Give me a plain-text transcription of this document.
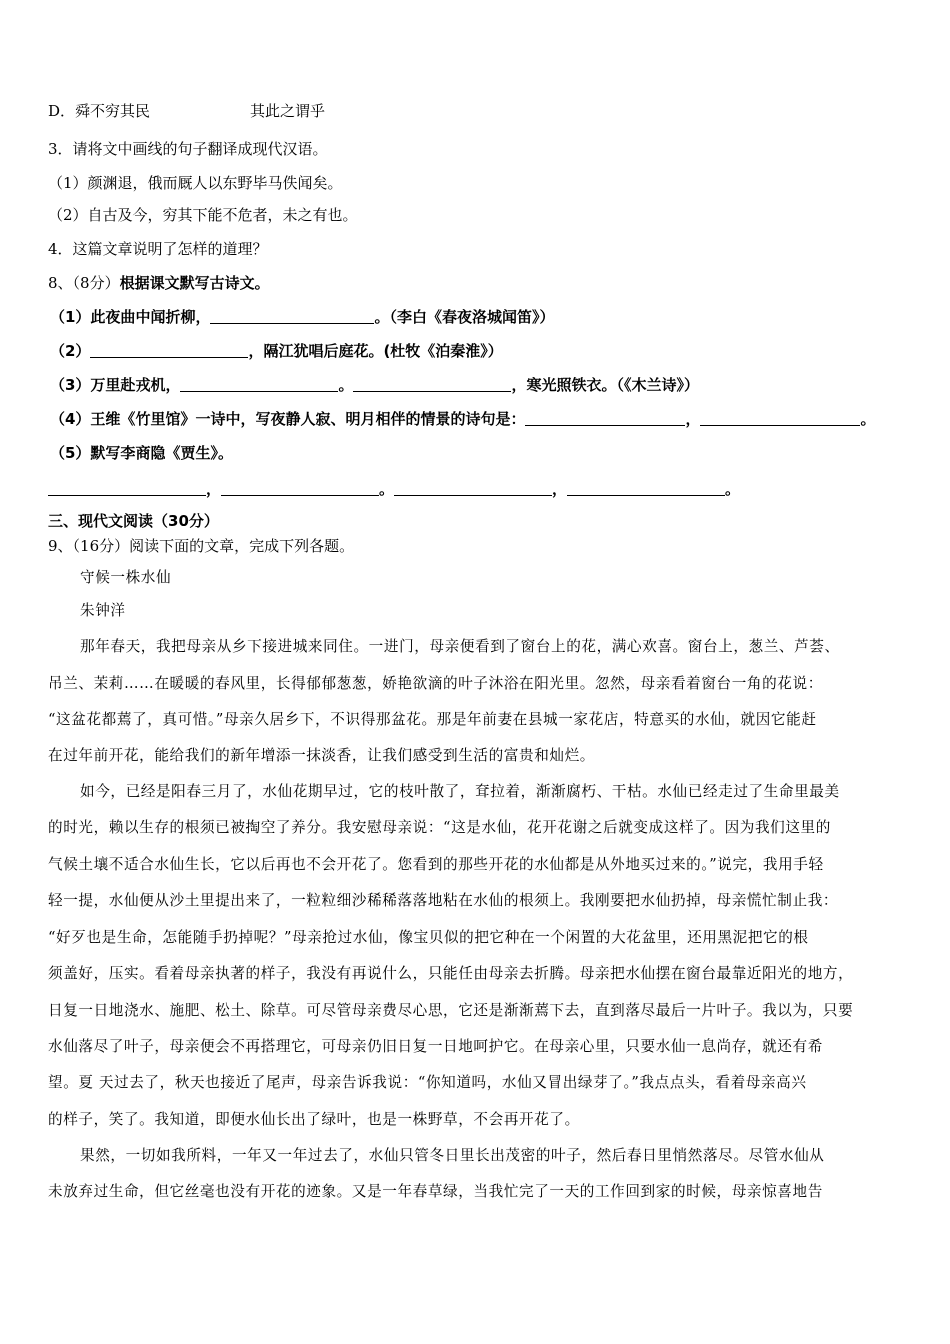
D．舜不穷其民	其此之谓乎
3．请将文中画线的句子翻译成现代汉语。
（1）颜渊退，俄而厩人以东野毕马佚闻矣。
（2）自古及今，穷其下能不危者，未之有也。
4．这篇文章说明了怎样的道理？
8、（8分）根据课文默写古诗文。
（1）此夜曲中闻折柳，	。（李白《春夜洛城闻笛》）
（2）	，隔江犹唱后庭花。(杜牧《泊秦淮》）
（3）万里赴戎机，	。	，寒光照铁衣。（《木兰诗》）
（4）王维《竹里馆》一诗中，写夜静人寂、明月相伴的情景的诗句是：	，	。
（5）默写李商隐《贾生》。
，	。	，	。
三、现代文阅读（30分）
9、（16分）阅读下面的文章，完成下列各题。
守候一株水仙
朱钟洋
那年春天，我把母亲从乡下接进城来同住。一进门，母亲便看到了窗台上的花，满心欢喜。窗台上，葱兰、芦荟、
吊兰、茉莉……在暖暖的春风里，长得郁郁葱葱，娇艳欲滴的叶子沐浴在阳光里。忽然，母亲看着窗台一角的花说：
“这盆花都蔫了，真可惜。”母亲久居乡下，不识得那盆花。那是年前妻在县城一家花店，特意买的水仙，就因它能赶
在过年前开花，能给我们的新年增添一抹淡香，让我们感受到生活的富贵和灿烂。
如今，已经是阳春三月了，水仙花期早过，它的枝叶散了，耷拉着，渐渐腐朽、干枯。水仙已经走过了生命里最美
的时光，赖以生存的根须已被掏空了养分。我安慰母亲说：“这是水仙，花开花谢之后就变成这样了。因为我们这里的
气候土壤不适合水仙生长，它以后再也不会开花了。您看到的那些开花的水仙都是从外地买过来的。”说完，我用手轻
轻一提，水仙便从沙土里提出来了，一粒粒细沙稀稀落落地粘在水仙的根须上。我刚要把水仙扔掉，母亲慌忙制止我：
“好歹也是生命，怎能随手扔掉呢？”母亲抢过水仙，像宝贝似的把它种在一个闲置的大花盆里，还用黑泥把它的根
须盖好，压实。看着母亲执著的样子，我没有再说什么，只能任由母亲去折腾。母亲把水仙摆在窗台最靠近阳光的地方，
日复一日地浇水、施肥、松土、除草。可尽管母亲费尽心思，它还是渐渐蔫下去，直到落尽最后一片叶子。我以为，只要
水仙落尽了叶子，母亲便会不再搭理它，可母亲仍旧日复一日地呵护它。在母亲心里，只要水仙一息尚存，就还有希
望。夏 天过去了，秋天也接近了尾声，母亲告诉我说：“你知道吗，水仙又冒出绿芽了。”我点点头，看着母亲高兴
的样子，笑了。我知道，即便水仙长出了绿叶，也是一株野草，不会再开花了。
果然，一切如我所料，一年又一年过去了，水仙只管冬日里长出茂密的叶子，然后春日里悄然落尽。尽管水仙从
未放弃过生命，但它丝毫也没有开花的迹象。又是一年春草绿，当我忙完了一天的工作回到家的时候，母亲惊喜地告
